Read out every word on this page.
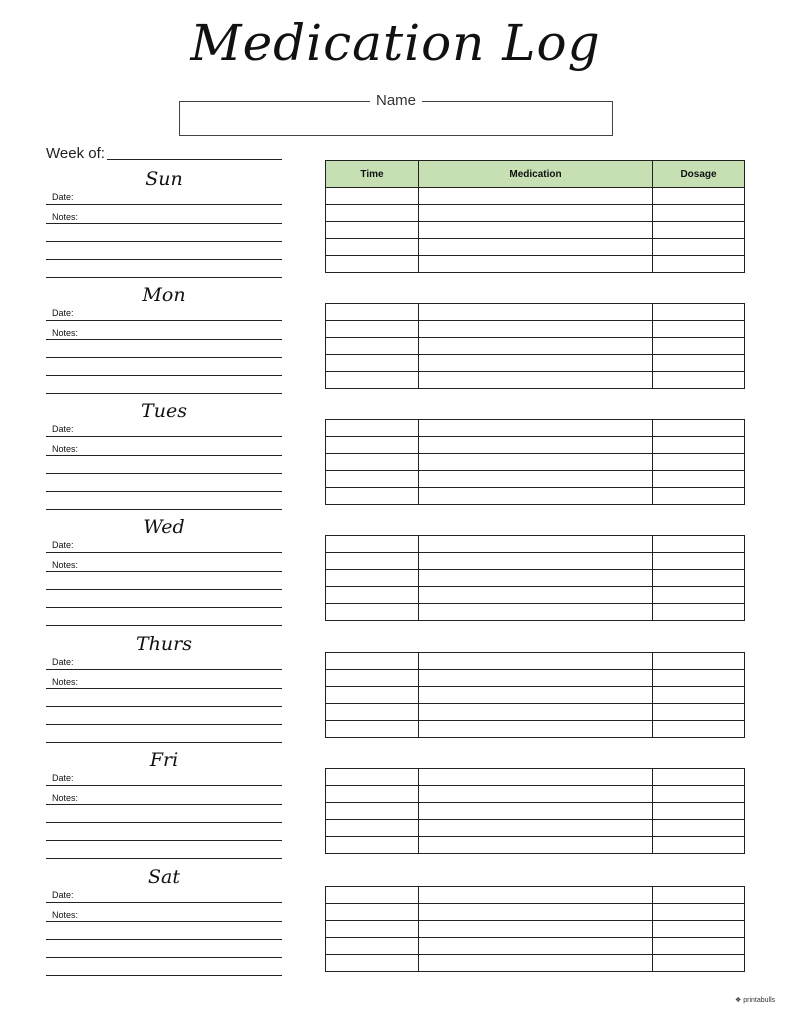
Medication Log
Name
Week of:
Sun
Date:
Notes:
Mon
Date:
Notes:
Tues
Date:
Notes:
Wed
Date:
Notes:
Thurs
Date:
Notes:
Fri
Date:
Notes:
Sat
Date:
Notes:
Time	Medication	Dosage

❖ printabulls
